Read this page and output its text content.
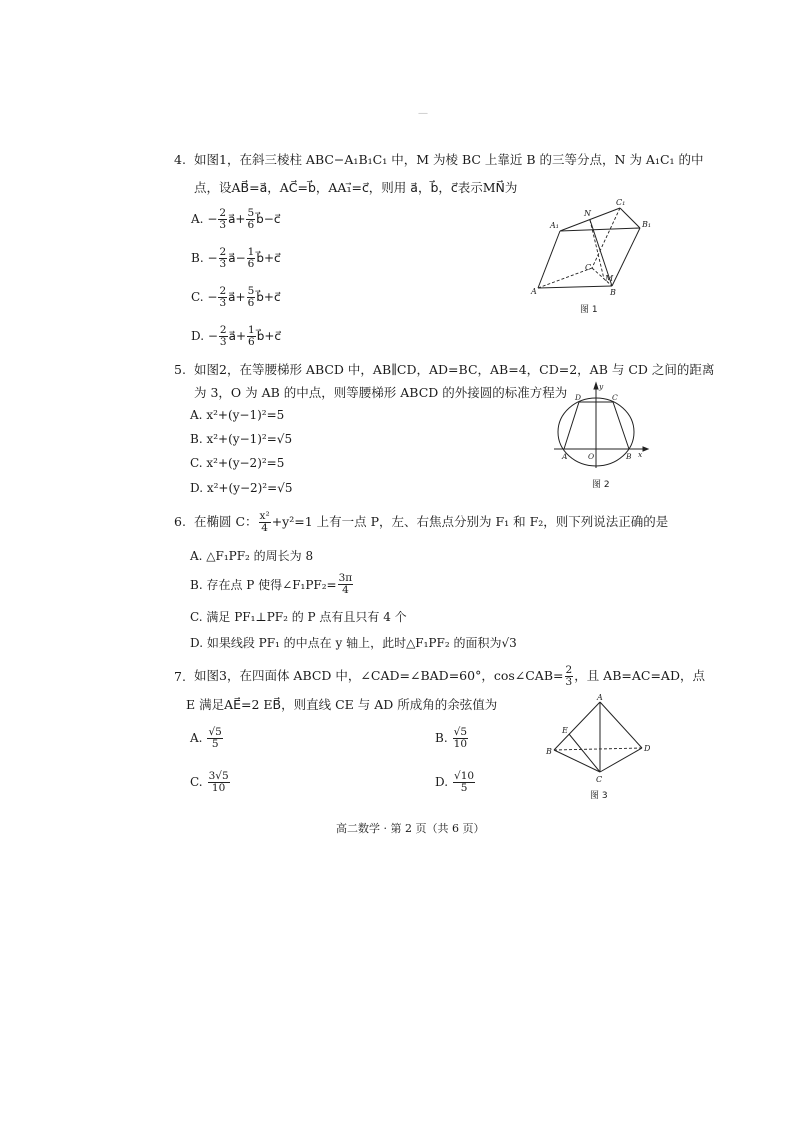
—
4. 如图1，在斜三棱柱 ABC−A₁B₁C₁ 中，M 为棱 BC 上靠近 B 的三等分点，N 为 A₁C₁ 的中
点，设AB⃗=a⃗，AC⃗=b⃗，AA₁⃗=c⃗，则用 a⃗，b⃗，c⃗表示MN⃗为
A. − $\frac{2}{3}$ a⃗+ $\frac{5}{6}$ b⃗−c⃗
B. − $\frac{2}{3}$ a⃗− $\frac{1}{6}$ b⃗+c⃗
C. − $\frac{2}{3}$ a⃗+ $\frac{5}{6}$ b⃗+c⃗
D. − $\frac{2}{3}$ a⃗+ $\frac{1}{6}$ b⃗+c⃗
A₁
N
C₁
B₁
C
M
A	B
图 1
5. 如图2，在等腰梯形 ABCD 中，AB∥CD，AD=BC，AB=4，CD=2，AB 与 CD 之间的距离
为 3，O 为 AB 的中点，则等腰梯形 ABCD 的外接圆的标准方程为
A. x²+(y−1)²=5
B. x²+(y−1)²=√5
C. x²+(y−2)²=5
D. x²+(y−2)²=√5
y
D	C
A	O	B x
图 2
6. 在椭圆 C： $\frac{\text{x²}}{4} +y^2=1$ 上有一点 P，左、右焦点分别为 F₁ 和 F₂，则下列说法正确的是
A. △F₁PF₂ 的周长为 8
B. 存在点 P 使得∠F₁PF₂= $\frac{3\pi}{4}$
C. 满足 PF₁⊥PF₂ 的 P 点有且只有 4 个
D. 如果线段 PF₁ 的中点在 y 轴上，此时△F₁PF₂ 的面积为√3
7. 如图3，在四面体 ABCD 中，∠CAD=∠BAD=60°，cos∠CAB= $\frac{2}{3}$ ，且 AB=AC=AD，点
E 满足AE⃗=2 EB⃗，则直线 CE 与 AD 所成角的余弦值为
A. $\frac{√5}{5}$	B. $\frac{√5}{10}$
C. $\frac{3√5}{10}$	D. $\frac{√10}{5}$
A
E
B	D
C
图 3
高二数学 · 第 2 页（共 6 页）
